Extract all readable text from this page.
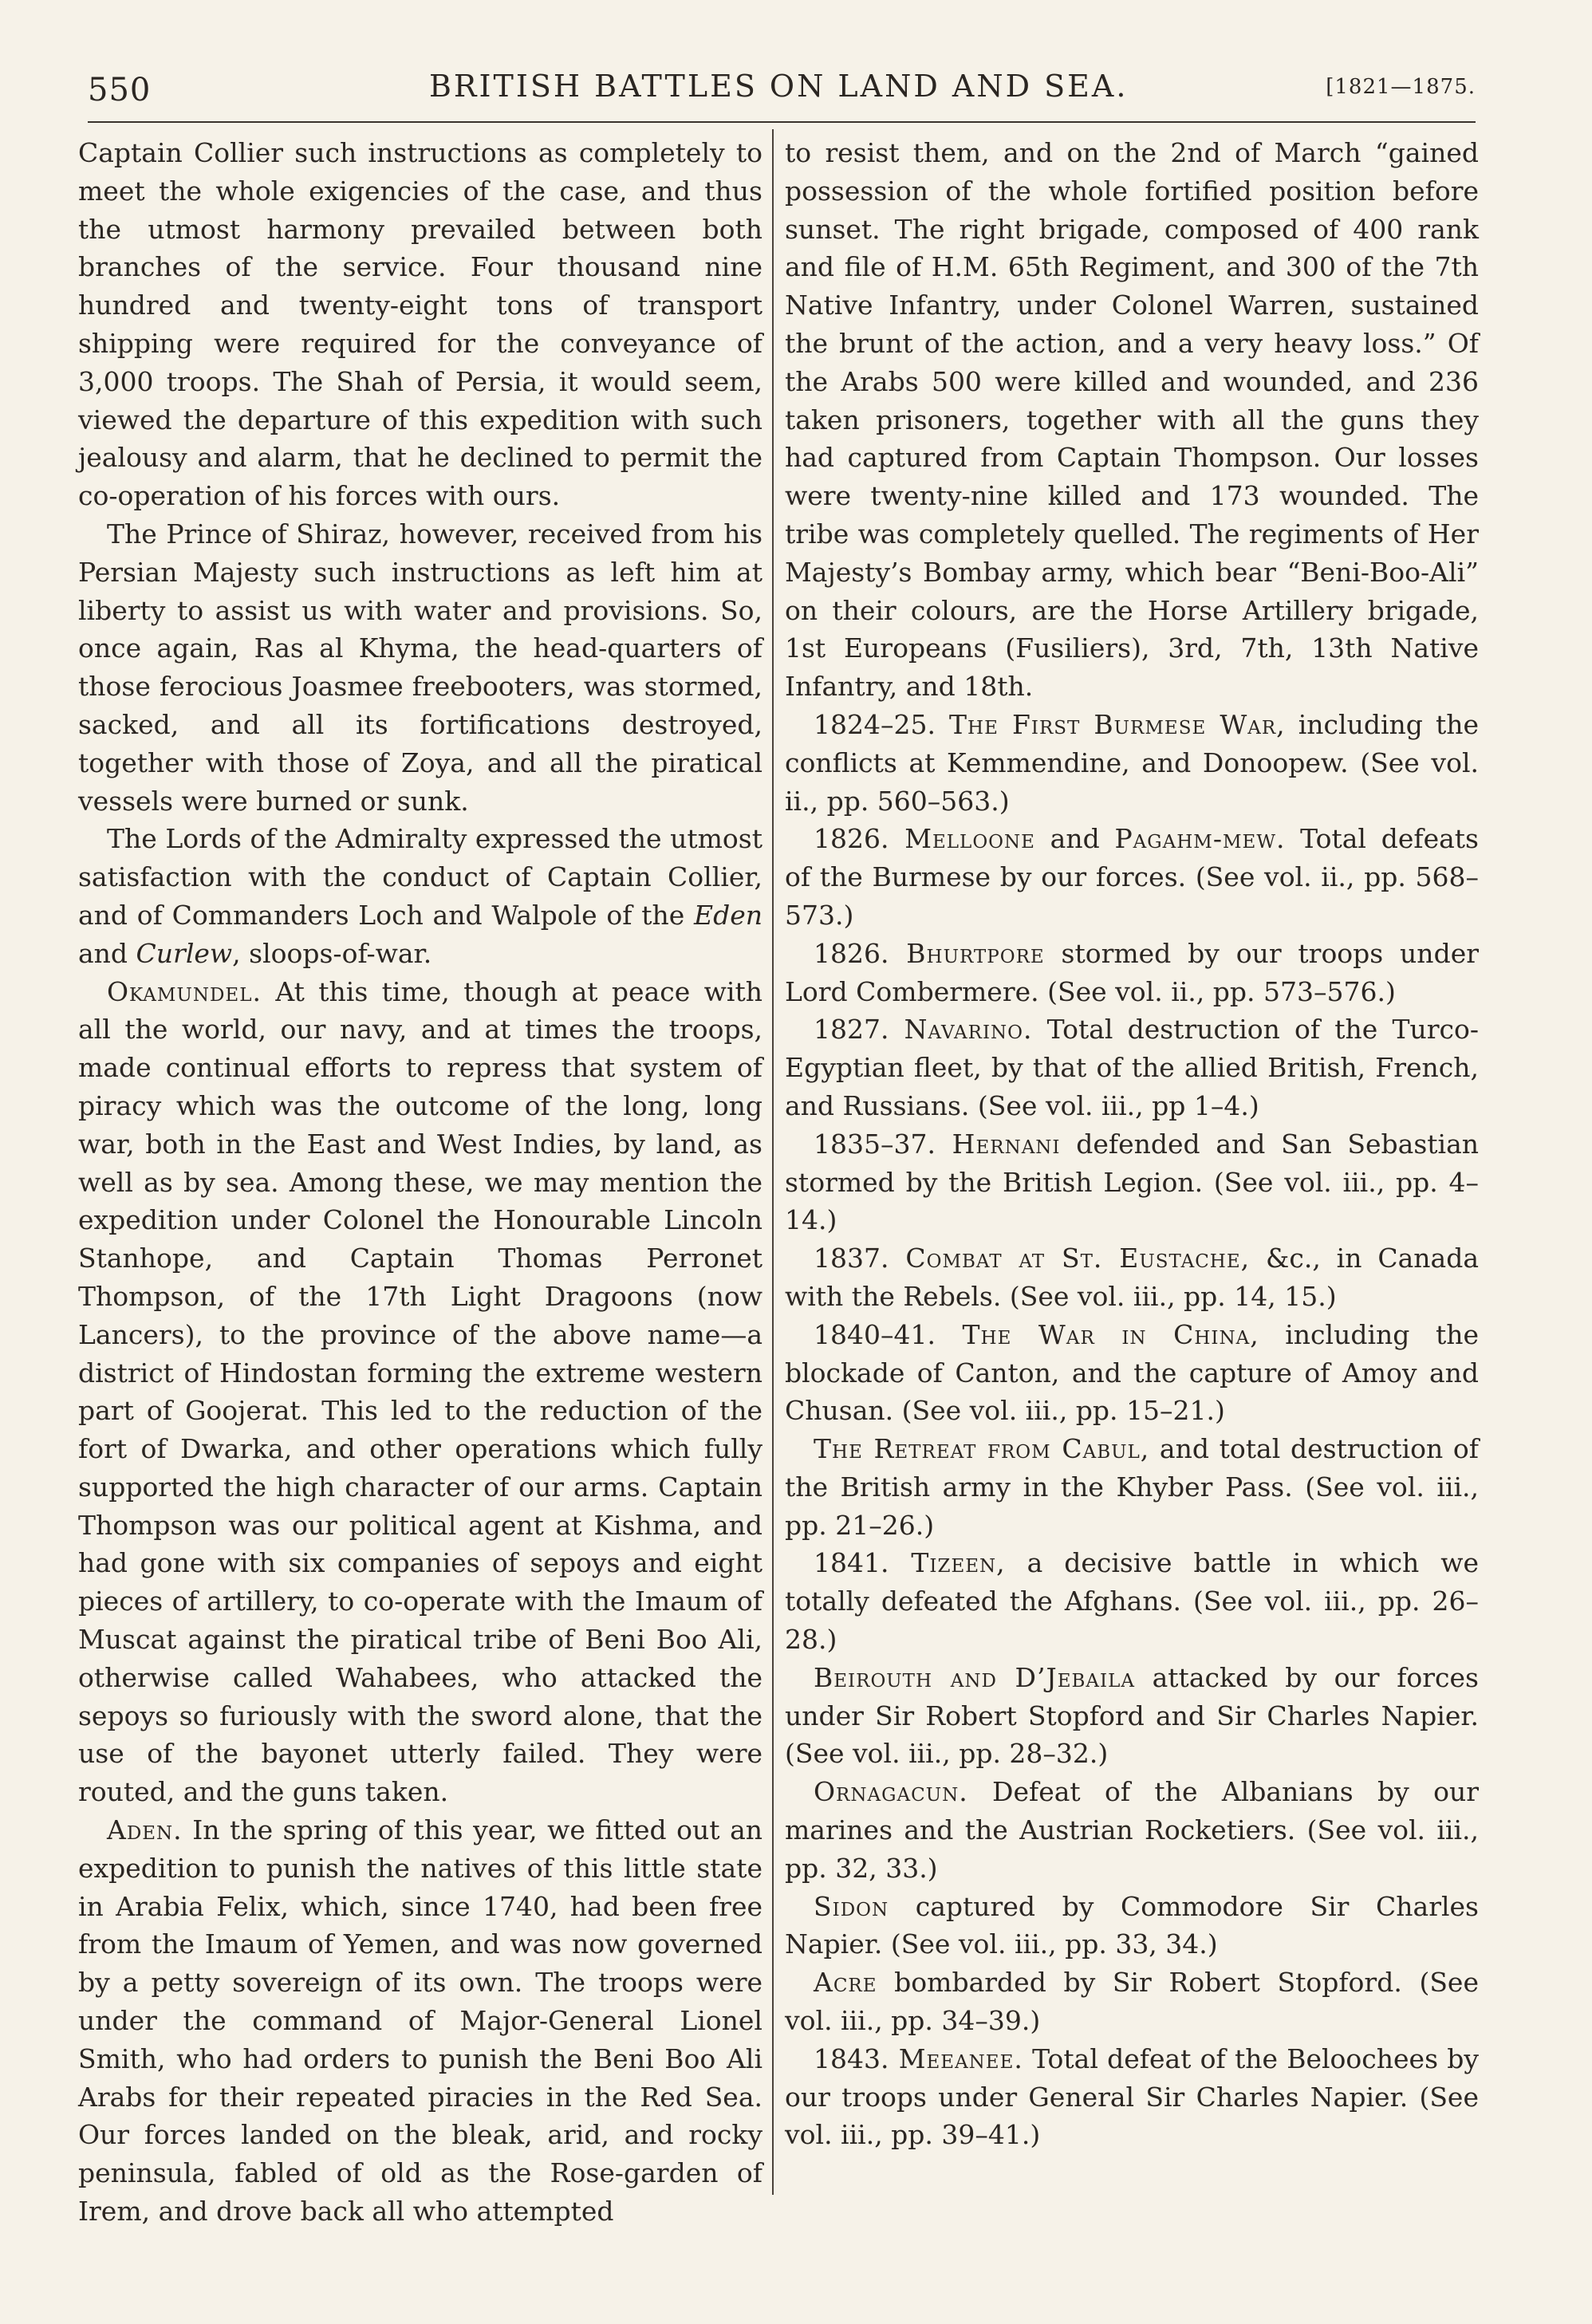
550	BRITISH BATTLES ON LAND AND SEA.	[1821—1875.

Captain Collier such instructions as completely to meet the whole exigencies of the case, and thus the utmost harmony prevailed between both branches of the service. Four thousand nine hundred and twenty-eight tons of transport shipping were required for the conveyance of 3,000 troops. The Shah of Persia, it would seem, viewed the departure of this expedition with such jealousy and alarm, that he declined to permit the co-operation of his forces with ours.

The Prince of Shiraz, however, received from his Persian Majesty such instructions as left him at liberty to assist us with water and provisions. So, once again, Ras al Khyma, the head-quarters of those ferocious Joasmee freebooters, was stormed, sacked, and all its fortifications destroyed, together with those of Zoya, and all the piratical vessels were burned or sunk.

The Lords of the Admiralty expressed the utmost satisfaction with the conduct of Captain Collier, and of Commanders Loch and Walpole of the Eden and Curlew, sloops-of-war.

Okamundel. At this time, though at peace with all the world, our navy, and at times the troops, made continual efforts to repress that system of piracy which was the outcome of the long, long war, both in the East and West Indies, by land, as well as by sea. Among these, we may mention the expedition under Colonel the Honourable Lincoln Stanhope, and Captain Thomas Perronet Thompson, of the 17th Light Dragoons (now Lancers), to the province of the above name—a district of Hindostan forming the extreme western part of Goojerat. This led to the reduction of the fort of Dwarka, and other operations which fully supported the high character of our arms. Captain Thompson was our political agent at Kishma, and had gone with six companies of sepoys and eight pieces of artillery, to co-operate with the Imaum of Muscat against the piratical tribe of Beni Boo Ali, otherwise called Wahabees, who attacked the sepoys so furiously with the sword alone, that the use of the bayonet utterly failed. They were routed, and the guns taken.

Aden. In the spring of this year, we fitted out an expedition to punish the natives of this little state in Arabia Felix, which, since 1740, had been free from the Imaum of Yemen, and was now governed by a petty sovereign of its own. The troops were under the command of Major-General Lionel Smith, who had orders to punish the Beni Boo Ali Arabs for their repeated piracies in the Red Sea. Our forces landed on the bleak, arid, and rocky peninsula, fabled of old as the Rose-garden of Irem, and drove back all who attempted

to resist them, and on the 2nd of March “gained possession of the whole fortified position before sunset. The right brigade, composed of 400 rank and file of H.M. 65th Regiment, and 300 of the 7th Native Infantry, under Colonel Warren, sustained the brunt of the action, and a very heavy loss.” Of the Arabs 500 were killed and wounded, and 236 taken prisoners, together with all the guns they had captured from Captain Thompson. Our losses were twenty-nine killed and 173 wounded. The tribe was completely quelled. The regiments of Her Majesty’s Bombay army, which bear “Beni-Boo-Ali” on their colours, are the Horse Artillery brigade, 1st Europeans (Fusiliers), 3rd, 7th, 13th Native Infantry, and 18th.

1824–25. The First Burmese War, including the conflicts at Kemmendine, and Donoopew. (See vol. ii., pp. 560–563.)

1826. Melloone and Pagahm-mew. Total defeats of the Burmese by our forces. (See vol. ii., pp. 568–573.)

1826. Bhurtpore stormed by our troops under Lord Combermere. (See vol. ii., pp. 573–576.)

1827. Navarino. Total destruction of the Turco-Egyptian fleet, by that of the allied British, French, and Russians. (See vol. iii., pp 1–4.)

1835–37. Hernani defended and San Sebastian stormed by the British Legion. (See vol. iii., pp. 4–14.)

1837. Combat at St. Eustache, &c., in Canada with the Rebels. (See vol. iii., pp. 14, 15.)

1840–41. The War in China, including the blockade of Canton, and the capture of Amoy and Chusan. (See vol. iii., pp. 15–21.)

The Retreat from Cabul, and total destruction of the British army in the Khyber Pass. (See vol. iii., pp. 21–26.)

1841. Tizeen, a decisive battle in which we totally defeated the Afghans. (See vol. iii., pp. 26–28.)

Beirouth and D’Jebaila attacked by our forces under Sir Robert Stopford and Sir Charles Napier. (See vol. iii., pp. 28–32.)

Ornagacun. Defeat of the Albanians by our marines and the Austrian Rocketiers. (See vol. iii., pp. 32, 33.)

Sidon captured by Commodore Sir Charles Napier. (See vol. iii., pp. 33, 34.)

Acre bombarded by Sir Robert Stopford. (See vol. iii., pp. 34–39.)

1843. Meeanee. Total defeat of the Beloochees by our troops under General Sir Charles Napier. (See vol. iii., pp. 39–41.)
